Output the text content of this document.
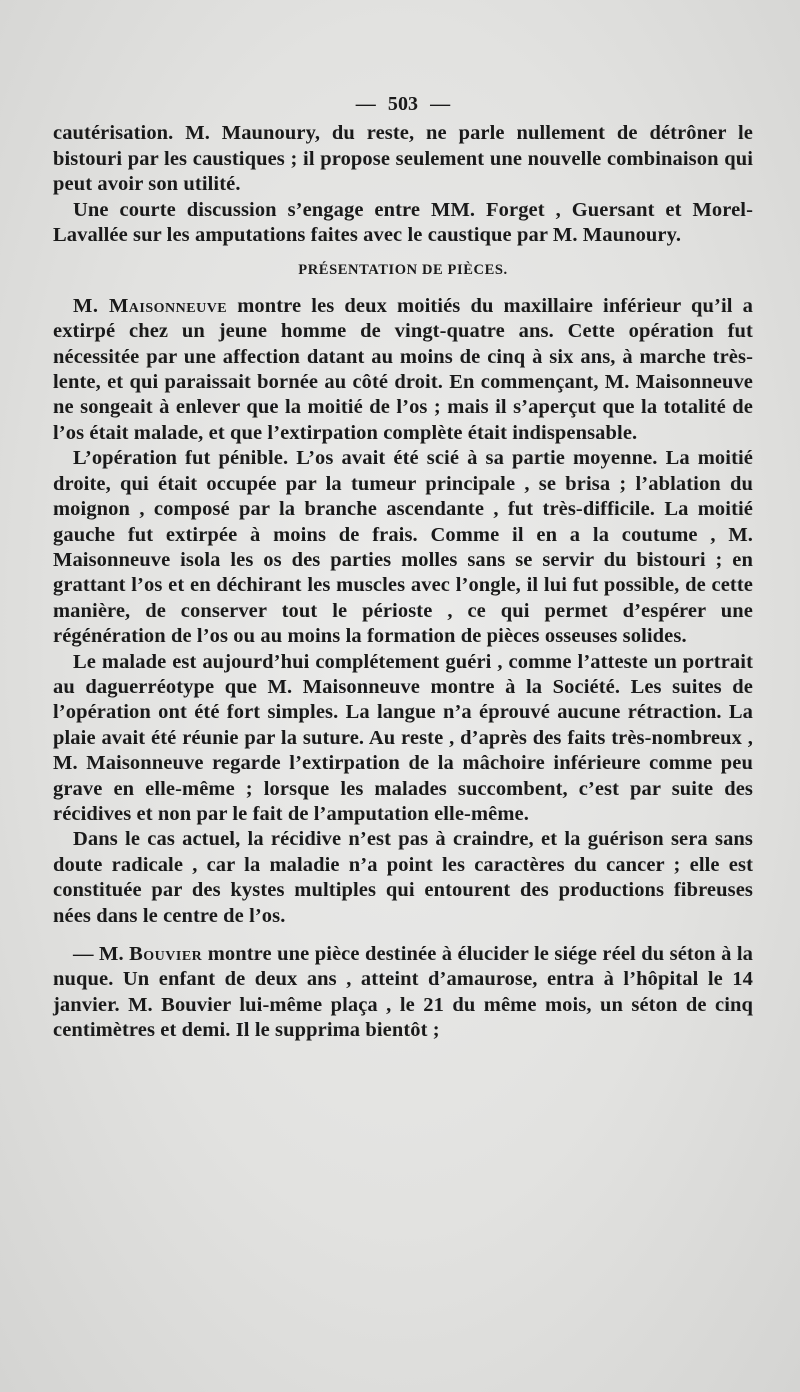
— 503 —

cautérisation. M. Maunoury, du reste, ne parle nullement de détrôner le bistouri par les caustiques ; il propose seulement une nouvelle combinaison qui peut avoir son utilité.

Une courte discussion s’engage entre MM. Forget , Guersant et Morel-Lavallée sur les amputations faites avec le caustique par M. Maunoury.

PRÉSENTATION DE PIÈCES.

M. Maisonneuve montre les deux moitiés du maxillaire inférieur qu’il a extirpé chez un jeune homme de vingt-quatre ans. Cette opération fut nécessitée par une affection datant au moins de cinq à six ans, à marche très-lente, et qui paraissait bornée au côté droit. En commençant, M. Maisonneuve ne songeait à enlever que la moitié de l’os ; mais il s’aperçut que la totalité de l’os était malade, et que l’extirpation complète était indispensable.

L’opération fut pénible. L’os avait été scié à sa partie moyenne. La moitié droite, qui était occupée par la tumeur principale , se brisa ; l’ablation du moignon , composé par la branche ascendante , fut très-difficile. La moitié gauche fut extirpée à moins de frais. Comme il en a la coutume , M. Maisonneuve isola les os des parties molles sans se servir du bistouri ; en grattant l’os et en déchirant les muscles avec l’ongle, il lui fut possible, de cette manière, de conserver tout le périoste , ce qui permet d’espérer une régénération de l’os ou au moins la formation de pièces osseuses solides.

Le malade est aujourd’hui complétement guéri , comme l’atteste un portrait au daguerréotype que M. Maisonneuve montre à la Société. Les suites de l’opération ont été fort simples. La langue n’a éprouvé aucune rétraction. La plaie avait été réunie par la suture. Au reste , d’après des faits très-nombreux , M. Maisonneuve regarde l’extirpation de la mâchoire inférieure comme peu grave en elle-même ; lorsque les malades succombent, c’est par suite des récidives et non par le fait de l’amputation elle-même.

Dans le cas actuel, la récidive n’est pas à craindre, et la guérison sera sans doute radicale , car la maladie n’a point les caractères du cancer ; elle est constituée par des kystes multiples qui entourent des productions fibreuses nées dans le centre de l’os.

— M. Bouvier montre une pièce destinée à élucider le siége réel du séton à la nuque. Un enfant de deux ans , atteint d’amaurose, entra à l’hôpital le 14 janvier. M. Bouvier lui-même plaça , le 21 du même mois, un séton de cinq centimètres et demi. Il le supprima bientôt ;
